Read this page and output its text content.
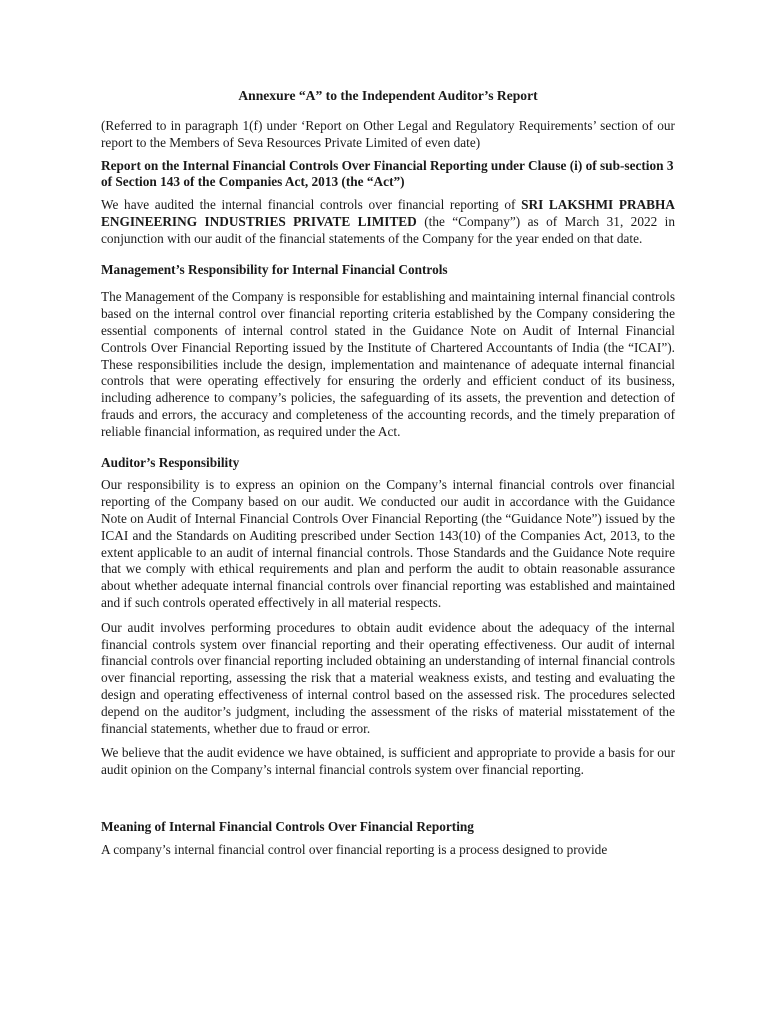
Annexure “A” to the Independent Auditor’s Report

(Referred to in paragraph 1(f) under ‘Report on Other Legal and Regulatory Requirements’ section of our report to the Members of Seva Resources Private Limited of even date)

Report on the Internal Financial Controls Over Financial Reporting under Clause (i) of sub-section 3 of Section 143 of the Companies Act, 2013 (the “Act”)

We have audited the internal financial controls over financial reporting of SRI LAKSHMI PRABHA ENGINEERING INDUSTRIES PRIVATE LIMITED (the “Company”) as of March 31, 2022 in conjunction with our audit of the financial statements of the Company for the year ended on that date.

Management’s Responsibility for Internal Financial Controls

The Management of the Company is responsible for establishing and maintaining internal financial controls based on the internal control over financial reporting criteria established by the Company considering the essential components of internal control stated in the Guidance Note on Audit of Internal Financial Controls Over Financial Reporting issued by the Institute of Chartered Accountants of India (the “ICAI”). These responsibilities include the design, implementation and maintenance of adequate internal financial controls that were operating effectively for ensuring the orderly and efficient conduct of its business, including adherence to company’s policies, the safeguarding of its assets, the prevention and detection of frauds and errors, the accuracy and completeness of the accounting records, and the timely preparation of reliable financial information, as required under the Act.

Auditor’s Responsibility

Our responsibility is to express an opinion on the Company’s internal financial controls over financial reporting of the Company based on our audit. We conducted our audit in accordance with the Guidance Note on Audit of Internal Financial Controls Over Financial Reporting (the “Guidance Note”) issued by the ICAI and the Standards on Auditing prescribed under Section 143(10) of the Companies Act, 2013, to the extent applicable to an audit of internal financial controls. Those Standards and the Guidance Note require that we comply with ethical requirements and plan and perform the audit to obtain reasonable assurance about whether adequate internal financial controls over financial reporting was established and maintained and if such controls operated effectively in all material respects.

Our audit involves performing procedures to obtain audit evidence about the adequacy of the internal financial controls system over financial reporting and their operating effectiveness. Our audit of internal financial controls over financial reporting included obtaining an understanding of internal financial controls over financial reporting, assessing the risk that a material weakness exists, and testing and evaluating the design and operating effectiveness of internal control based on the assessed risk. The procedures selected depend on the auditor’s judgment, including the assessment of the risks of material misstatement of the financial statements, whether due to fraud or error.

We believe that the audit evidence we have obtained, is sufficient and appropriate to provide a basis for our audit opinion on the Company’s internal financial controls system over financial reporting.

Meaning of Internal Financial Controls Over Financial Reporting

A company’s internal financial control over financial reporting is a process designed to provide
